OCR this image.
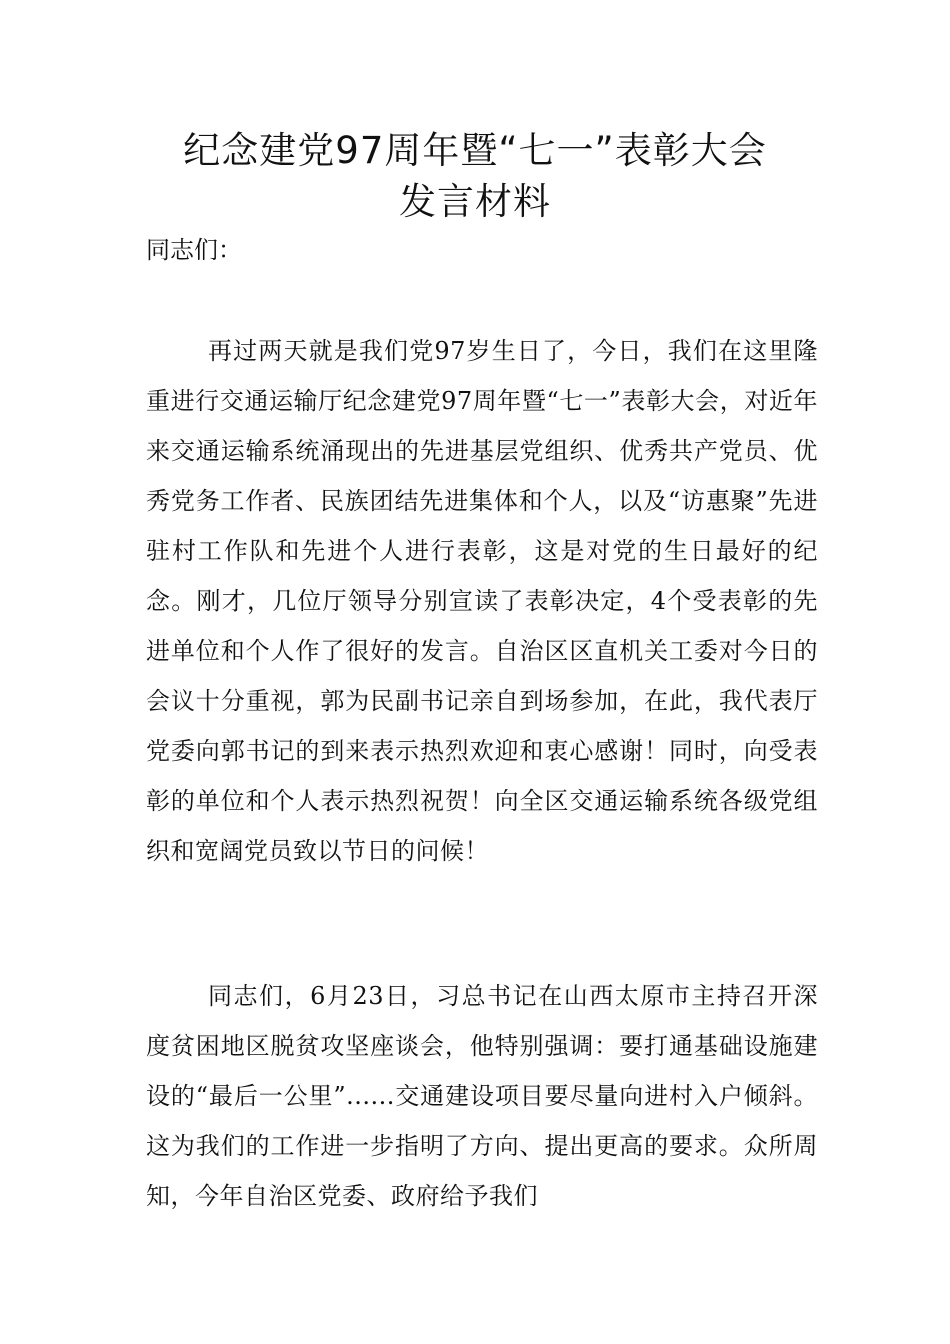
纪念建党97周年暨“七一”表彰大会
发言材料
同志们：

再过两天就是我们党97岁生日了，今日，我们在这里隆重进行交通运输厅纪念建党97周年暨“七一”表彰大会，对近年来交通运输系统涌现出的先进基层党组织、优秀共产党员、优秀党务工作者、民族团结先进集体和个人，以及“访惠聚”先进驻村工作队和先进个人进行表彰，这是对党的生日最好的纪念。刚才，几位厅领导分别宣读了表彰决定，4个受表彰的先进单位和个人作了很好的发言。自治区区直机关工委对今日的会议十分重视，郭为民副书记亲自到场参加，在此，我代表厅党委向郭书记的到来表示热烈欢迎和衷心感谢！同时，向受表彰的单位和个人表示热烈祝贺！向全区交通运输系统各级党组织和宽阔党员致以节日的问候！

同志们，6月23日，习总书记在山西太原市主持召开深度贫困地区脱贫攻坚座谈会，他特别强调：要打通基础设施建设的“最后一公里”......交通建设项目要尽量向进村入户倾斜。这为我们的工作进一步指明了方向、提出更高的要求。众所周知，今年自治区党委、政府给予我们
